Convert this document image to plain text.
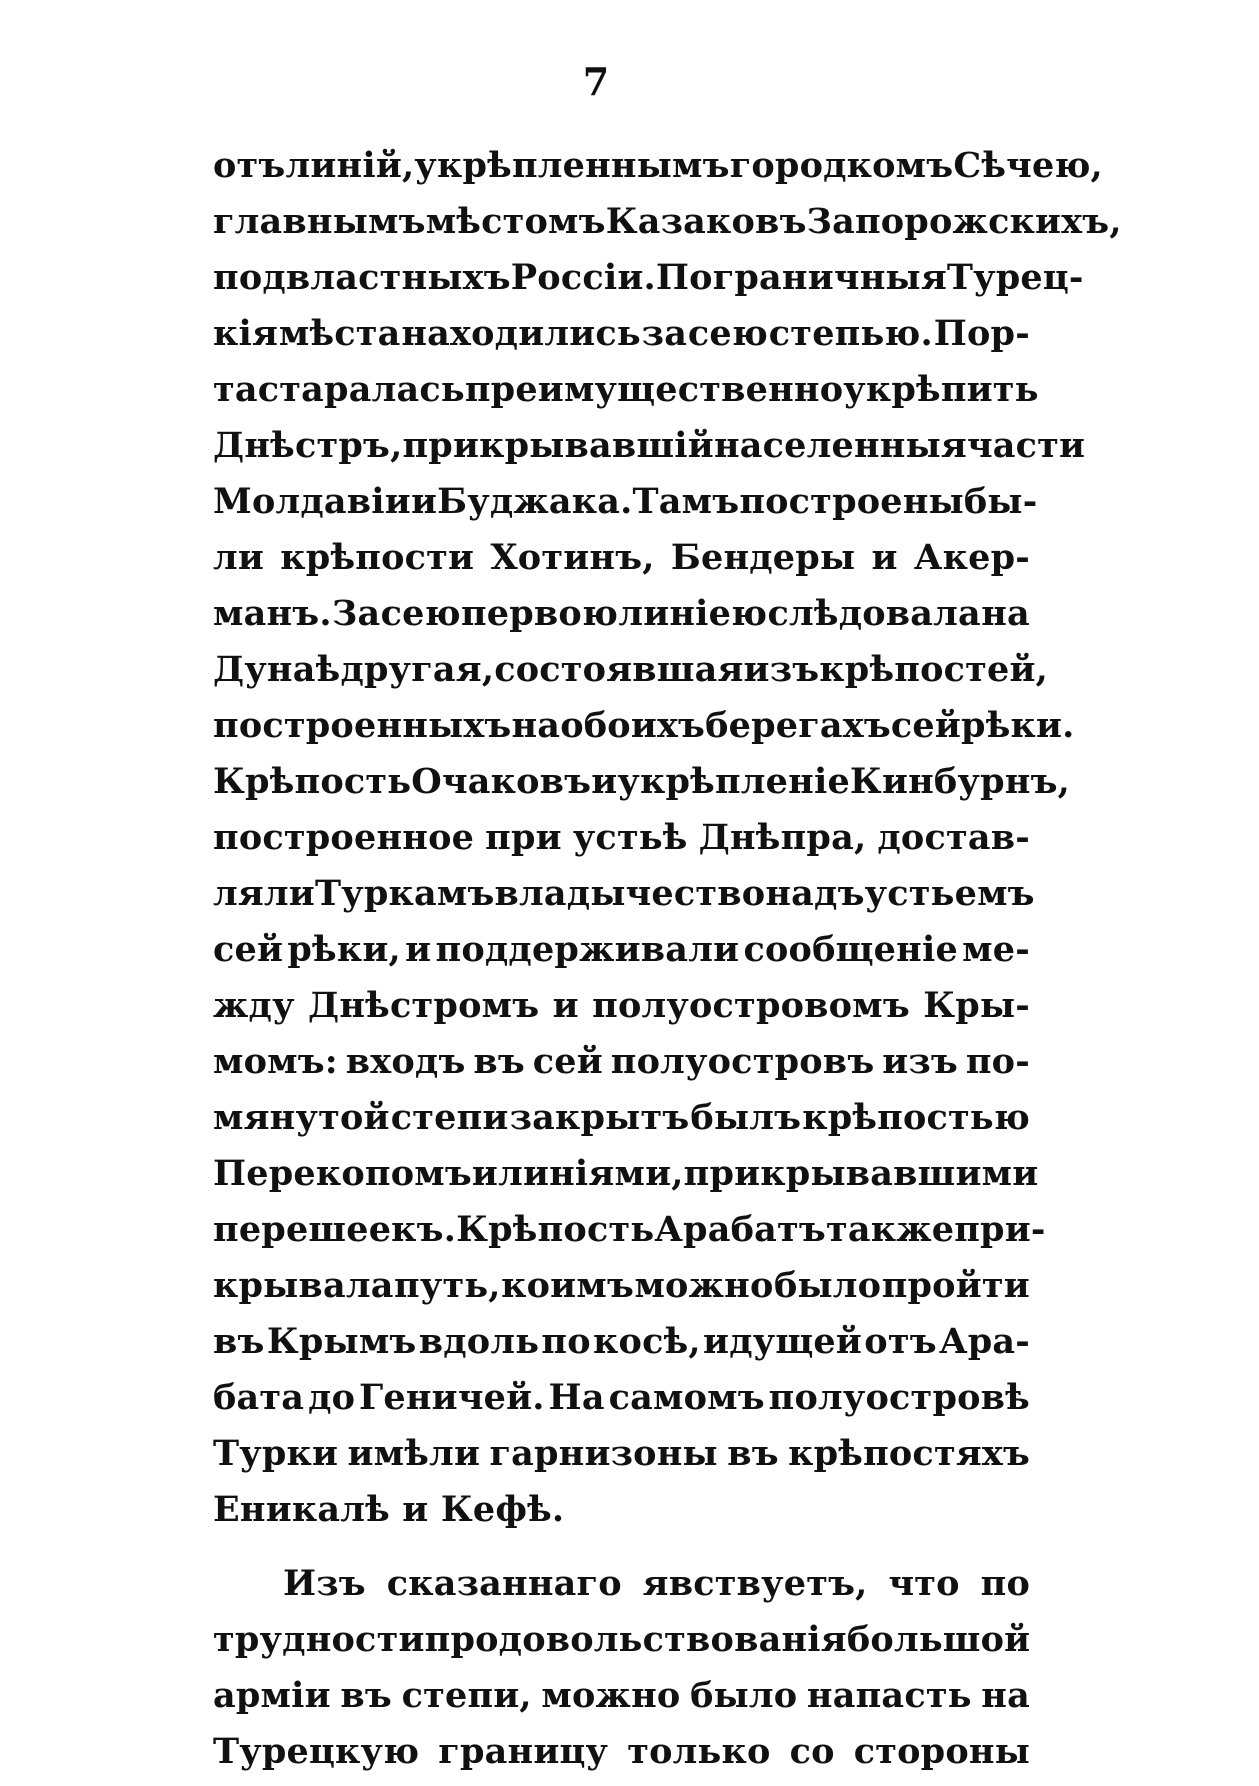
7
отъ линій, укрѣпленнымъ городкомъ Сѣчею,
главнымъ мѣстомъ Казаковъ Запорожскихъ,
подвластныхъ Россіи. Пограничныя Турец-
кія мѣста находились за сею степью. Пор-
та старалась преимущественно укрѣпить
Днѣстръ, прикрывавшій населенныя части
Молдавіи и Буджака. Тамъ построены бы-
ли крѣпости Хотинъ, Бендеры и Акер-
манъ. За сею первою линіею слѣдовала на
Дунаѣ другая, состоявшая изъ крѣпостей,
построенныхъ на обоихъ берегахъ сей рѣки.
Крѣпость Очаковъ и укрѣпленіе Кинбурнъ,
построенное при устьѣ Днѣпра, достав-
ляли Туркамъ владычество надъ устьемъ
сей рѣки, и поддерживали сообщеніе ме-
жду Днѣстромъ и полуостровомъ Кры-
момъ: входъ въ сей полуостровъ изъ по-
мянутой степи закрытъ былъ крѣпостью
Перекопомъ и линіями, прикрывавшими
перешеекъ. Крѣпость Арабатъ также при-
крывала путь, коимъ можно было пройти
въ Крымъ вдоль по косѣ, идущей отъ Ара-
бата до Геничей. На самомъ полуостровѣ
Турки имѣли гарнизоны въ крѣпостяхъ
Еникалѣ и Кефѣ.
Изъ сказаннаго явствуетъ, что по
трудности продовольствованія большой
арміи въ степи, можно было напасть на
Турецкую границу только со стороны
